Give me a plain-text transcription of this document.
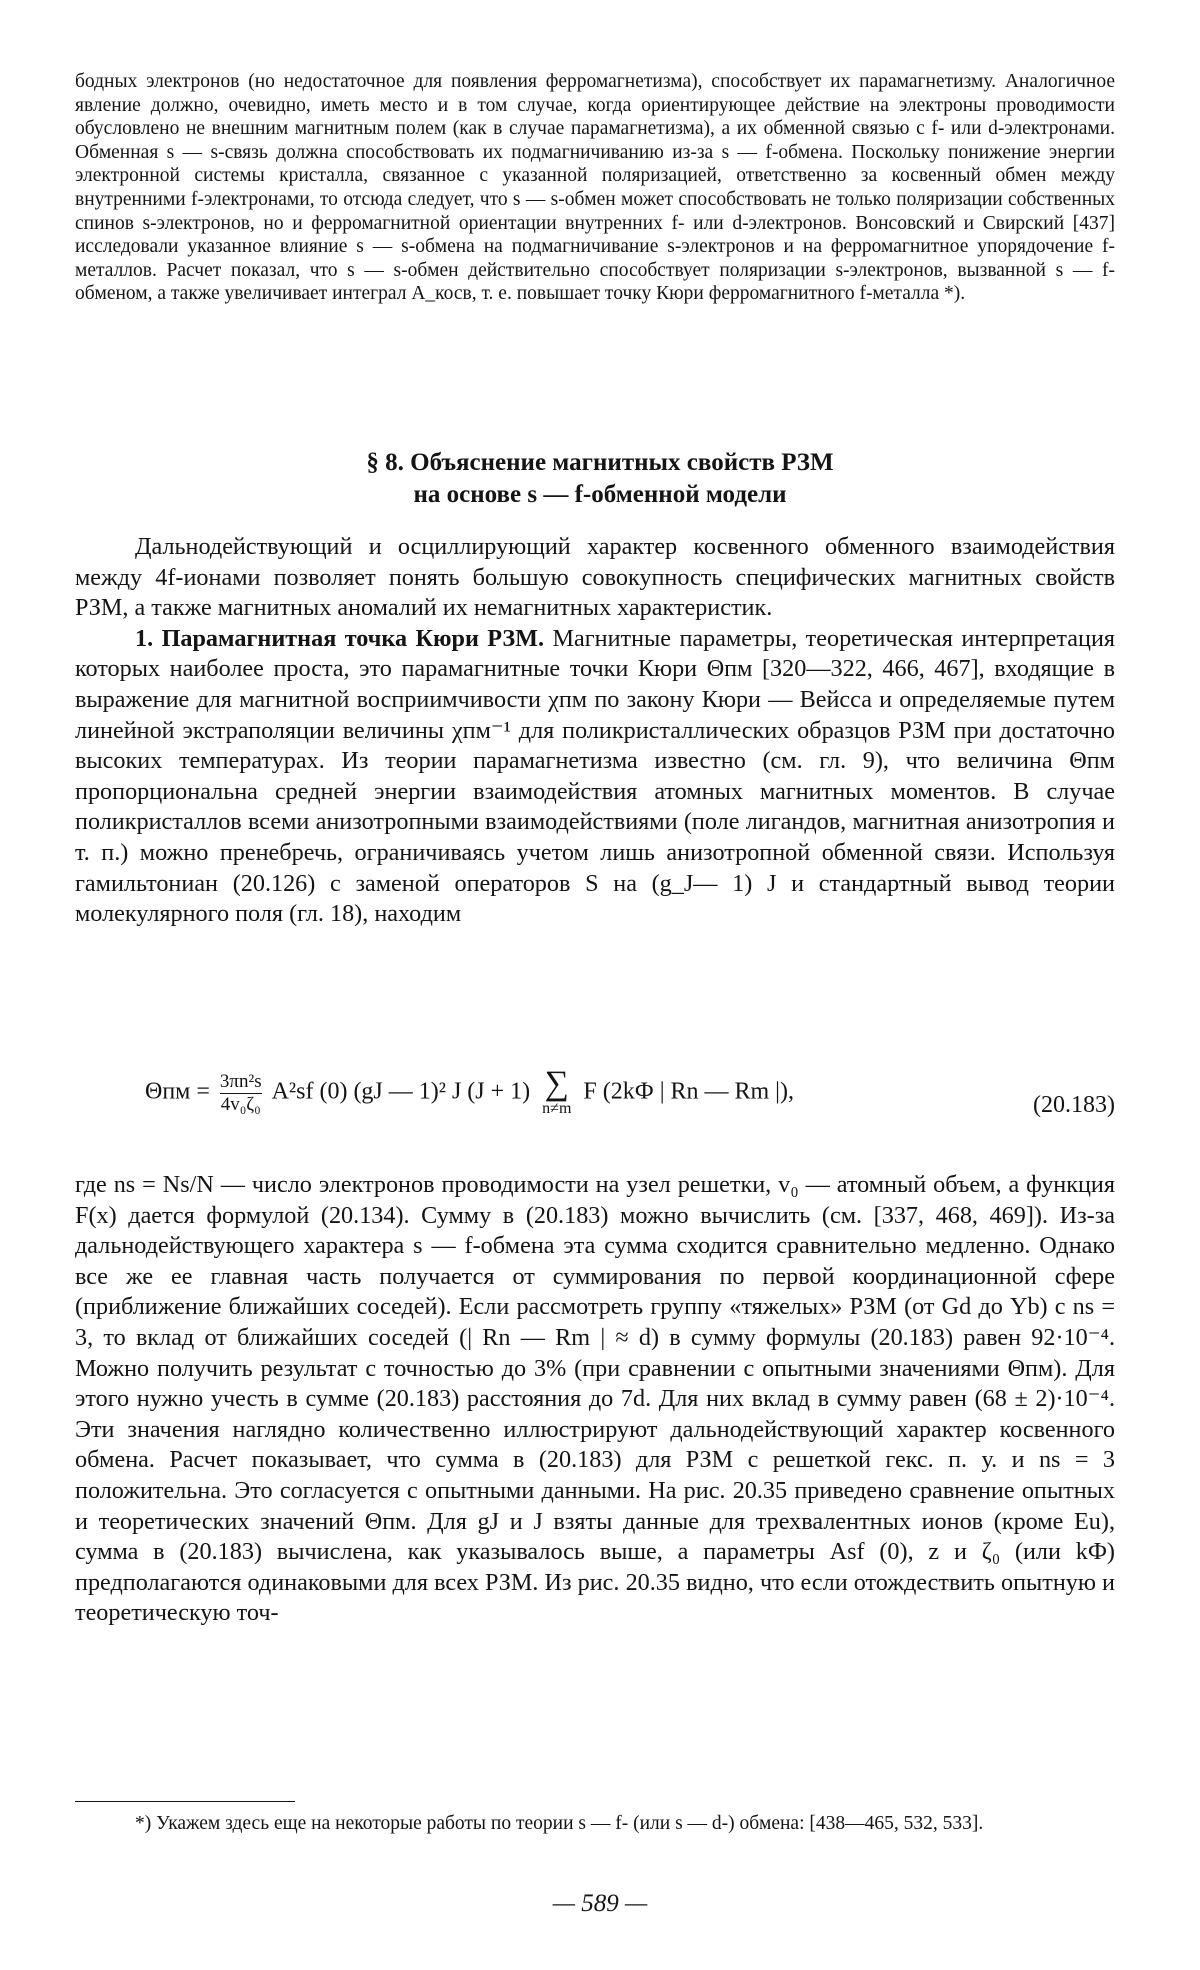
бодных электронов (но недостаточное для появления ферромагнетизма), способствует их парамагнетизму. Аналогичное явление должно, очевидно, иметь место и в том случае, когда ориентирующее действие на электроны проводимости обусловлено не внешним магнитным полем (как в случае парамагнетизма), а их обменной связью с f- или d-электронами. Обменная s — s-связь должна способствовать их подмагничиванию из-за s — f-обмена. Поскольку понижение энергии электронной системы кристалла, связанное с указанной поляризацией, ответственно за косвенный обмен между внутренними f-электронами, то отсюда следует, что s — s-обмен может способствовать не только поляризации собственных спинов s-электронов, но и ферромагнитной ориентации внутренних f- или d-электронов. Вонсовский и Свирский [437] исследовали указанное влияние s — s-обмена на подмагничивание s-электронов и на ферромагнитное упорядочение f-металлов. Расчет показал, что s — s-обмен действительно способствует поляризации s-электронов, вызванной s — f-обменом, а также увеличивает интеграл A_косв, т. е. повышает точку Кюри ферромагнитного f-металла *).

§ 8. Объяснение магнитных свойств РЗМ
на основе s — f-обменной модели

Дальнодействующий и осциллирующий характер косвенного обменного взаимодействия между 4f-ионами позволяет понять большую совокупность специфических магнитных свойств РЗМ, а также магнитных аномалий их немагнитных характеристик.

1. Парамагнитная точка Кюри РЗМ. Магнитные параметры, теоретическая интерпретация которых наиболее проста, это парамагнитные точки Кюри Θпм [320—322, 466, 467], входящие в выражение для магнитной восприимчивости χпм по закону Кюри — Вейсса и определяемые путем линейной экстраполяции величины χпм⁻¹ для поликристаллических образцов РЗМ при достаточно высоких температурах. Из теории парамагнетизма известно (см. гл. 9), что величина Θпм пропорциональна средней энергии взаимодействия атомных магнитных моментов. В случае поликристаллов всеми анизотропными взаимодействиями (поле лигандов, магнитная анизотропия и т. п.) можно пренебречь, ограничиваясь учетом лишь анизотропной обменной связи. Используя гамильтониан (20.126) с заменой операторов S на (g_J— 1) J и стандартный вывод теории молекулярного поля (гл. 18), находим

Θпм = 3πn²s
4v₀ζ₀ A²sf (0) (gJ — 1)² J (J + 1) ∑
n≠m
F (2kФ | Rn — Rm |),
(20.183)

где ns = Ns/N — число электронов проводимости на узел решетки, v₀ — атомный объем, а функция F(x) дается формулой (20.134). Сумму в (20.183) можно вычислить (см. [337, 468, 469]). Из-за дальнодействующего характера s — f-обмена эта сумма сходится сравнительно медленно. Однако все же ее главная часть получается от суммирования по первой координационной сфере (приближение ближайших соседей). Если рассмотреть группу «тяжелых» РЗМ (от Gd до Yb) с ns = 3, то вклад от ближайших соседей (| Rn — Rm | ≈ d) в сумму формулы (20.183) равен 92·10⁻⁴. Можно получить результат с точностью до 3% (при сравнении с опытными значениями Θпм). Для этого нужно учесть в сумме (20.183) расстояния до 7d. Для них вклад в сумму равен (68 ± 2)·10⁻⁴. Эти значения наглядно количественно иллюстрируют дальнодействующий характер косвенного обмена. Расчет показывает, что сумма в (20.183) для РЗМ с решеткой гекс. п. у. и ns = 3 положительна. Это согласуется с опытными данными. На рис. 20.35 приведено сравнение опытных и теоретических значений Θпм. Для gJ и J взяты данные для трехвалентных ионов (кроме Eu), сумма в (20.183) вычислена, как указывалось выше, а параметры Asf (0), z и ζ₀ (или kФ) предполагаются одинаковыми для всех РЗМ. Из рис. 20.35 видно, что если отождествить опытную и теоретическую точ-

*) Укажем здесь еще на некоторые работы по теории s — f- (или s — d-) обмена: [438—465, 532, 533].

— 589 —
